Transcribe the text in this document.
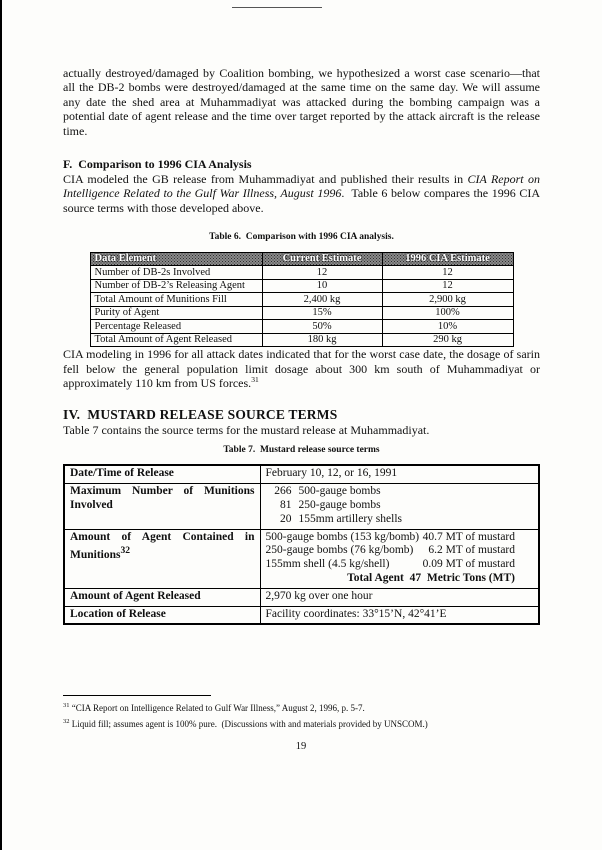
actually destroyed/damaged by Coalition bombing, we hypothesized a worst case scenario—that all the DB-2 bombs were destroyed/damaged at the same time on the same day. We will assume any date the shed area at Muhammadiyat was attacked during the bombing campaign was a potential date of agent release and the time over target reported by the attack aircraft is the release time.

F.  Comparison to 1996 CIA Analysis

CIA modeled the GB release from Muhammadiyat and published their results in CIA Report on Intelligence Related to the Gulf War Illness, August 1996.  Table 6 below compares the 1996 CIA source terms with those developed above.

Table 6.  Comparison with 1996 CIA analysis.

Data Element	Current Estimate	1996 CIA Estimate
Number of DB-2s Involved	12	12
Number of DB-2’s Releasing Agent	10	12
Total Amount of Munitions Fill	2,400 kg	2,900 kg
Purity of Agent	15%	100%
Percentage Released	50%	10%
Total Amount of Agent Released	180 kg	290 kg

CIA modeling in 1996 for all attack dates indicated that for the worst case date, the dosage of sarin fell below the general population limit dosage about 300 km south of Muhammadiyat or approximately 110 km from US forces.$^{31}$

IV.  MUSTARD RELEASE SOURCE TERMS

Table 7 contains the source terms for the mustard release at Muhammadiyat.

Table 7.  Mustard release source terms

Date/Time of Release	February 10, 12, or 16, 1991
Maximum Number of Munitions Involved	266 500-gauge bombs
81 250-gauge bombs
20 155mm artillery shells

Amount of Agent Contained in Munitions$^{32}$	
500-gauge bombs (153 kg/bomb) 40.7 MT of mustard
250-gauge bombs (76 kg/bomb) 6.2 MT of mustard
155mm shell (4.5 kg/shell)	0.09 MT of mustard
Total Agent  47  Metric Tons (MT)

Amount of Agent Released	2,970 kg over one hour
Location of Release	Facility coordinates: 33°15’N, 42°41’E

$^{31}$ “CIA Report on Intelligence Related to Gulf War Illness,” August 2, 1996, p. 5-7.

$^{32}$ Liquid fill; assumes agent is 100% pure.  (Discussions with and materials provided by UNSCOM.)

19
